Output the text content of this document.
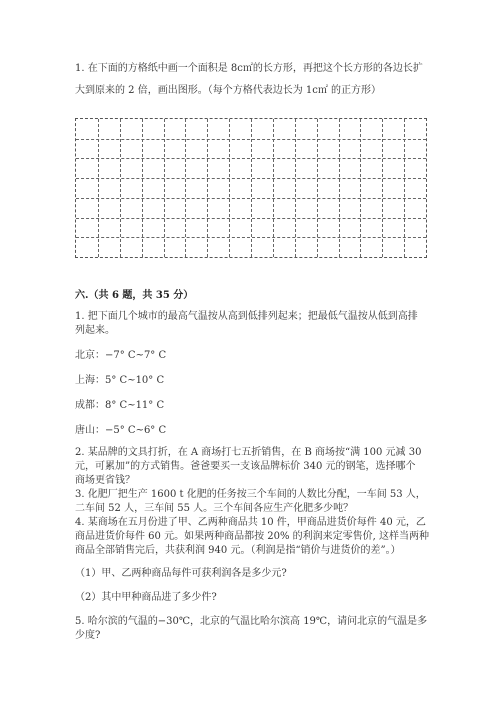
1. 在下面的方格纸中画一个面积是 8c㎡的长方形，再把这个长方形的各边长扩
大到原来的 2 倍，画出图形。（每个方格代表边长为 1c㎡ 的正方形）
六.（共 6 题，共 35 分）
1. 把下面几个城市的最高气温按从高到低排列起来；把最低气温按从低到高排
列起来。
北京：−7° C~7° C
上海：5° C~10° C
成都：8° C~11° C
唐山：−5° C~6° C
2. 某品牌的文具打折，在 A 商场打七五折销售，在 B 商场按“满 100 元减 30
元，可累加”的方式销售。爸爸要买一支该品牌标价 340 元的钢笔，选择哪个
商场更省钱？
3. 化肥厂把生产 1600 t 化肥的任务按三个车间的人数比分配，一车间 53 人，
二车间 52 人，三车间 55 人。三个车间各应生产化肥多少吨？
4. 某商场在五月份进了甲、乙两种商品共 10 件，甲商品进货价每件 40 元，乙
商品进货价每件 60 元。如果两种商品都按 20% 的利润来定零售价, 这样当两种
商品全部销售完后，共获利润 940 元。（利润是指“销价与进货价的差”。）
（1）甲、乙两种商品每件可获利润各是多少元?
（2）其中甲种商品进了多少件?
5. 哈尔滨的气温的−30℃，北京的气温比哈尔滨高 19℃，请问北京的气温是多
少度?
